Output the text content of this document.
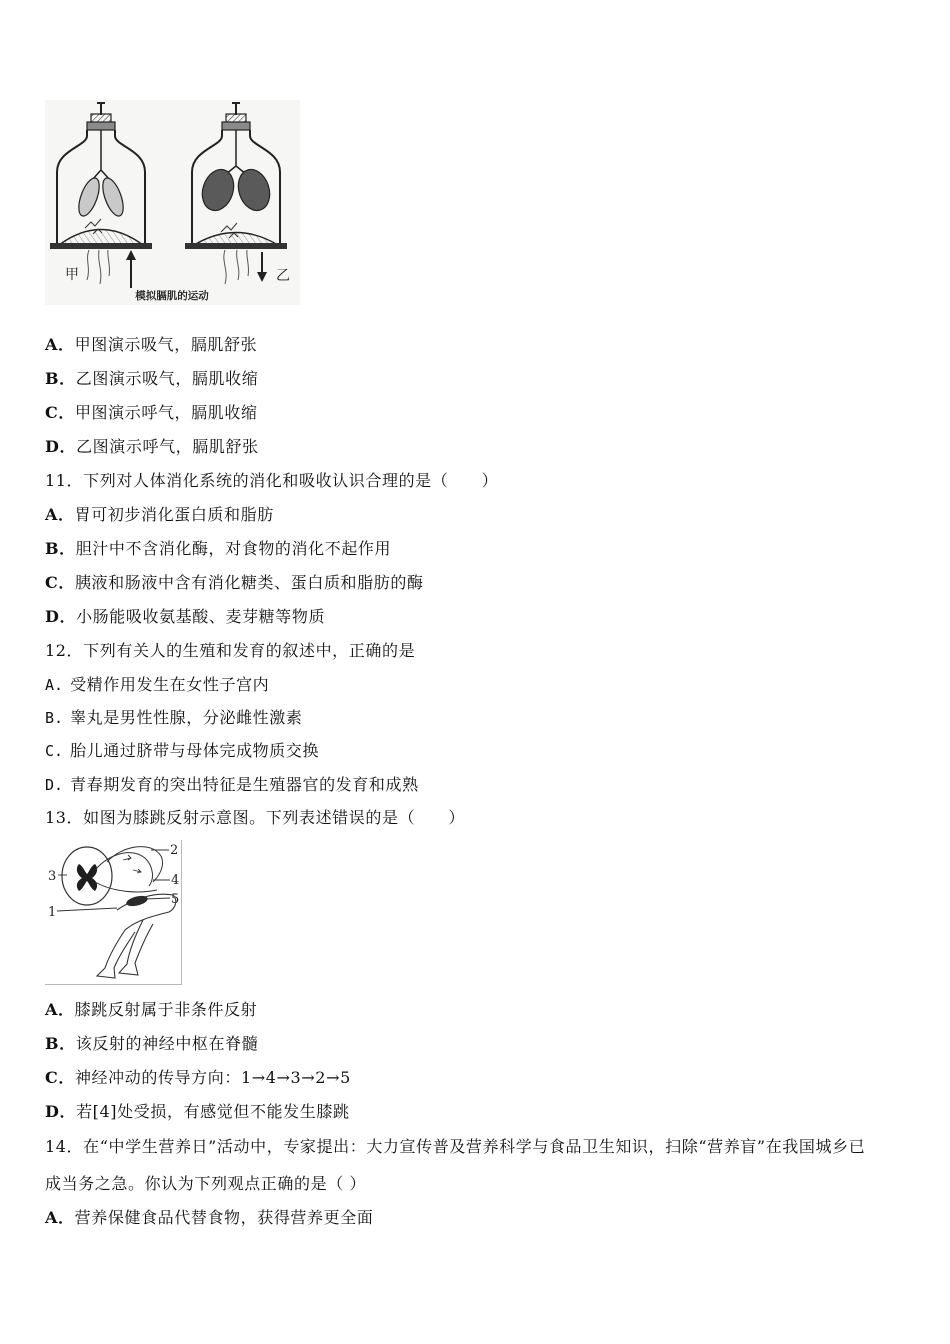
甲	乙
模拟膈肌的运动
A．甲图演示吸气，膈肌舒张
B．乙图演示吸气，膈肌收缩
C．甲图演示呼气，膈肌收缩
D．乙图演示呼气，膈肌舒张
11．下列对人体消化系统的消化和吸收认识合理的是（　　）
A．胃可初步消化蛋白质和脂肪
B．胆汁中不含消化酶，对食物的消化不起作用
C．胰液和肠液中含有消化糖类、蛋白质和脂肪的酶
D．小肠能吸收氨基酸、麦芽糖等物质
12．下列有关人的生殖和发育的叙述中，正确的是
A. 受精作用发生在女性子宫内
B. 睾丸是男性性腺，分泌雌性激素
C. 胎儿通过脐带与母体完成物质交换
D. 青春期发育的突出特征是生殖器官的发育和成熟
13．如图为膝跳反射示意图。下列表述错误的是（　　）
3
2
4
5
1
A．膝跳反射属于非条件反射
B．该反射的神经中枢在脊髓
C．神经冲动的传导方向：1→4→3→2→5
D．若[4]处受损，有感觉但不能发生膝跳
14．在“中学生营养日”活动中，专家提出：大力宣传普及营养科学与食品卫生知识，扫除“营养盲”在我国城乡已
成当务之急。你认为下列观点正确的是（ ）
A．营养保健食品代替食物，获得营养更全面
